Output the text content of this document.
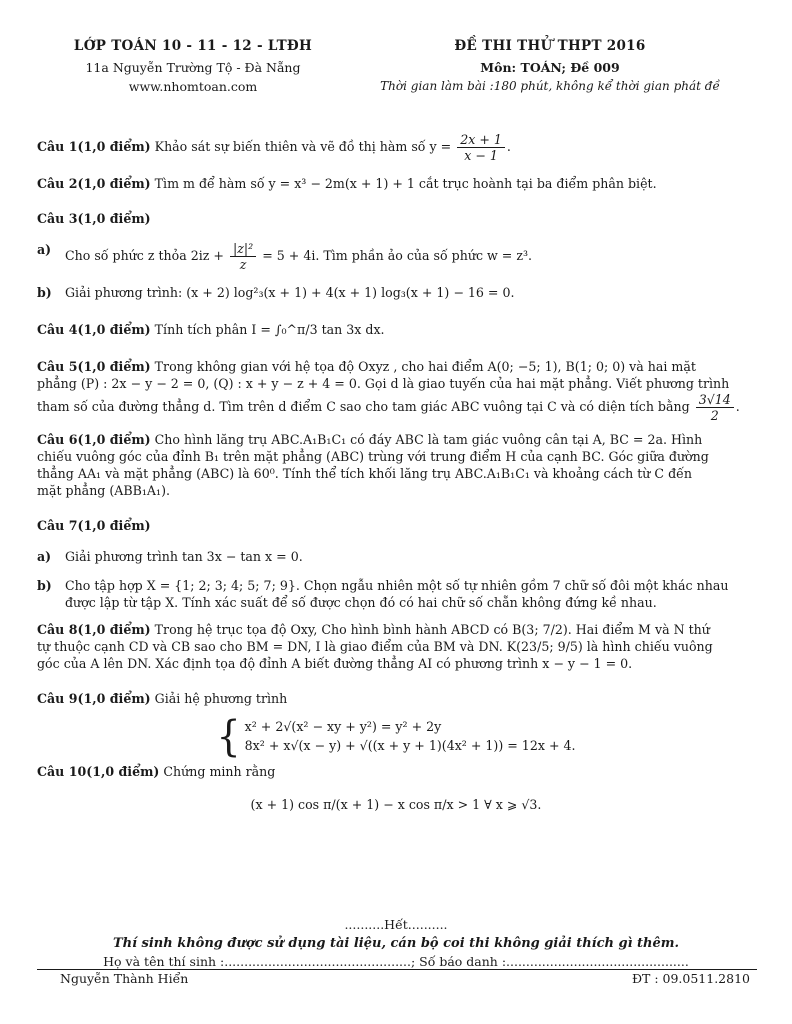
LỚP TOÁN 10 - 11 - 12 - LTĐH
11a Nguyễn Trường Tộ - Đà Nẵng
www.nhomtoan.com
ĐỀ THI THỬ THPT 2016
Môn: TOÁN; Đề 009
Thời gian làm bài :180 phút, không kể thời gian phát đề

Câu 1(1,0 điểm) Khảo sát sự biến thiên và vẽ đồ thị hàm số $y = \frac{2x + 1}{x - 1}$ .

Câu 2(1,0 điểm) Tìm m để hàm số y = x³ − 2m(x + 1) + 1 cắt trục hoành tại ba điểm phân biệt.

Câu 3(1,0 điểm)

a)	Cho số phức z thỏa $2iz + \frac{\text{|z|²}}{z} = 5 + 4i$. Tìm phần ảo của số phức w = z³.
b)	Giải phương trình: (x + 2) log²₃(x + 1) + 4(x + 1) log₃(x + 1) − 16 = 0.

Câu 4(1,0 điểm) Tính tích phân I = ∫₀^π/3 tan 3x dx.

Câu 5(1,0 điểm) Trong không gian với hệ tọa độ Oxyz , cho hai điểm A(0; −5; 1), B(1; 0; 0) và hai mặt
phẳng (P) : 2x − y − 2 = 0, (Q) : x + y − z + 4 = 0. Gọi d là giao tuyến của hai mặt phẳng. Viết phương trình
tham số của đường thẳng d. Tìm trên d điểm C sao cho tam giác ABC vuông tại C và có diện tích bằng $\frac{3√14}{2}$ .
Câu 6(1,0 điểm) Cho hình lăng trụ ABC.A₁B₁C₁ có đáy ABC là tam giác vuông cân tại A, BC = 2a. Hình
chiếu vuông góc của đỉnh B₁ trên mặt phẳng (ABC) trùng với trung điểm H của cạnh BC. Góc giữa đường
thẳng AA₁ và mặt phẳng (ABC) là 60⁰. Tính thể tích khối lăng trụ ABC.A₁B₁C₁ và khoảng cách từ C đến
mặt phẳng (ABB₁A₁).

Câu 7(1,0 điểm)

a)	Giải phương trình tan 3x − tan x = 0.
b)	Cho tập hợp X = {1; 2; 3; 4; 5; 7; 9}. Chọn ngẫu nhiên một số tự nhiên gồm 7 chữ số đôi một khác nhau
được lập từ tập X. Tính xác suất để số được chọn đó có hai chữ số chẵn không đứng kề nhau.
Câu 8(1,0 điểm) Trong hệ trục tọa độ Oxy, Cho hình bình hành ABCD có B(3; 7/2). Hai điểm M và N thứ
tự thuộc cạnh CD và CB sao cho BM = DN, I là giao điểm của BM và DN. K(23/5; 9/5) là hình chiếu vuông
góc của A lên DN. Xác định tọa độ đỉnh A biết đường thẳng AI có phương trình x − y − 1 = 0.

Câu 9(1,0 điểm) Giải hệ phương trình

{ x² + 2√(x² − xy + y²) = y² + 2y
8x² + x√(x − y) + √((x + y + 1)(4x² + 1)) = 12x + 4.

Câu 10(1,0 điểm) Chứng minh rằng

(x + 1) cos π/(x + 1) − x cos π/x > 1 ∀ x ⩾ √3.
..........Hết..........
Thí sinh không được sử dụng tài liệu, cán bộ coi thi không giải thích gì thêm.
Họ và tên thí sinh :...............................................; Số báo danh :..............................................
Nguyễn Thành Hiển	ĐT : 09.0511.2810
